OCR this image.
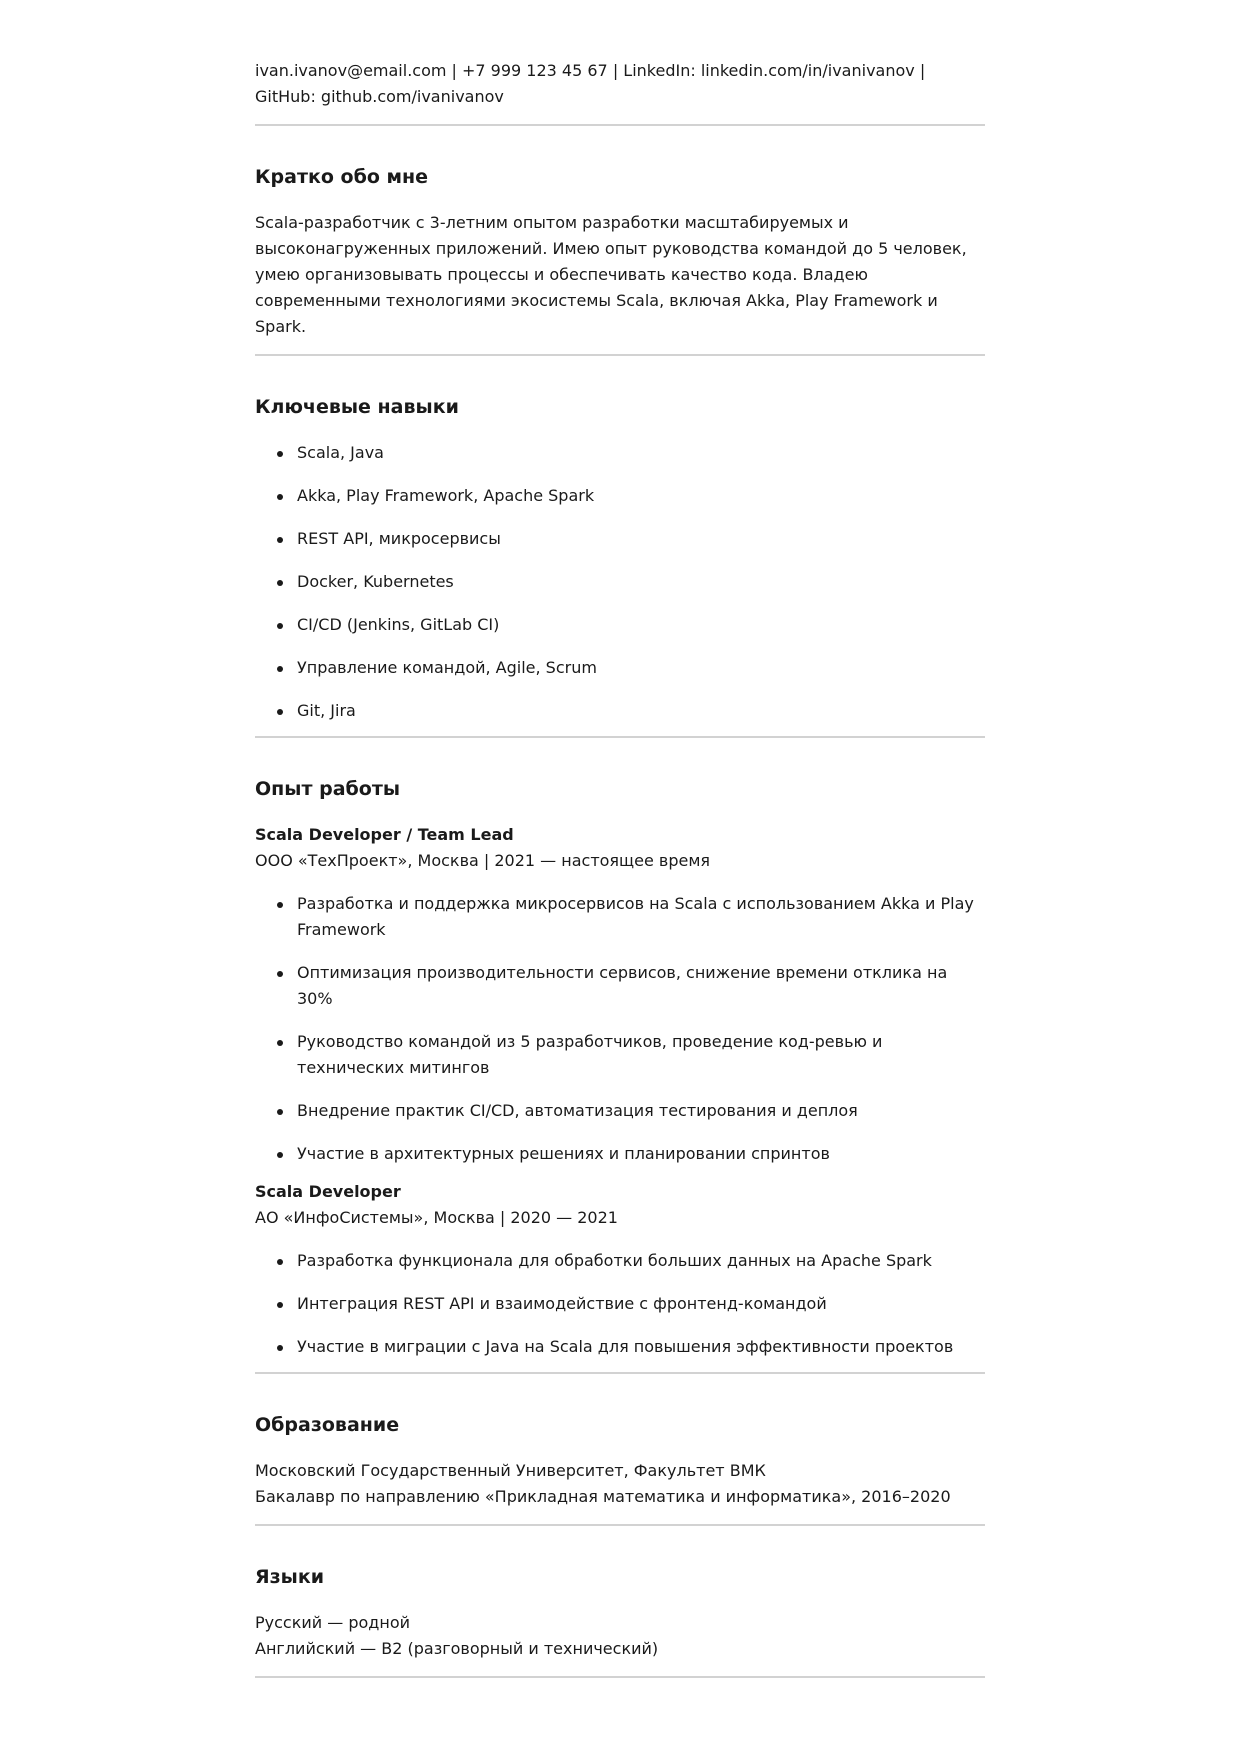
ivan.ivanov@email.com | +7 999 123 45 67 | LinkedIn: linkedin.com/in/ivanivanov | GitHub: github.com/ivanivanov

Кратко обо мне

Scala-разработчик с 3-летним опытом разработки масштабируемых и высоконагруженных приложений. Имею опыт руководства командой до 5 человек, умею организовывать процессы и обеспечивать качество кода. Владею современными технологиями экосистемы Scala, включая Akka, Play Framework и Spark.

Ключевые навыки
Scala, Java
Akka, Play Framework, Apache Spark
REST API, микросервисы
Docker, Kubernetes
CI/CD (Jenkins, GitLab CI)
Управление командой, Agile, Scrum
Git, Jira
Опыт работы

Scala Developer / Team Lead

ООО «ТехПроект», Москва | 2021 — настоящее время

Разработка и поддержка микросервисов на Scala с использованием Akka и Play Framework
Оптимизация производительности сервисов, снижение времени отклика на 30%
Руководство командой из 5 разработчиков, проведение код-ревью и технических митингов
Внедрение практик CI/CD, автоматизация тестирования и деплоя
Участие в архитектурных решениях и планировании спринтов

Scala Developer

АО «ИнфоСистемы», Москва | 2020 — 2021

Разработка функционала для обработки больших данных на Apache Spark
Интеграция REST API и взаимодействие с фронтенд-командой
Участие в миграции с Java на Scala для повышения эффективности проектов
Образование

Московский Государственный Университет, Факультет ВМК

Бакалавр по направлению «Прикладная математика и информатика», 2016–2020

Языки

Русский — родной

Английский — B2 (разговорный и технический)
